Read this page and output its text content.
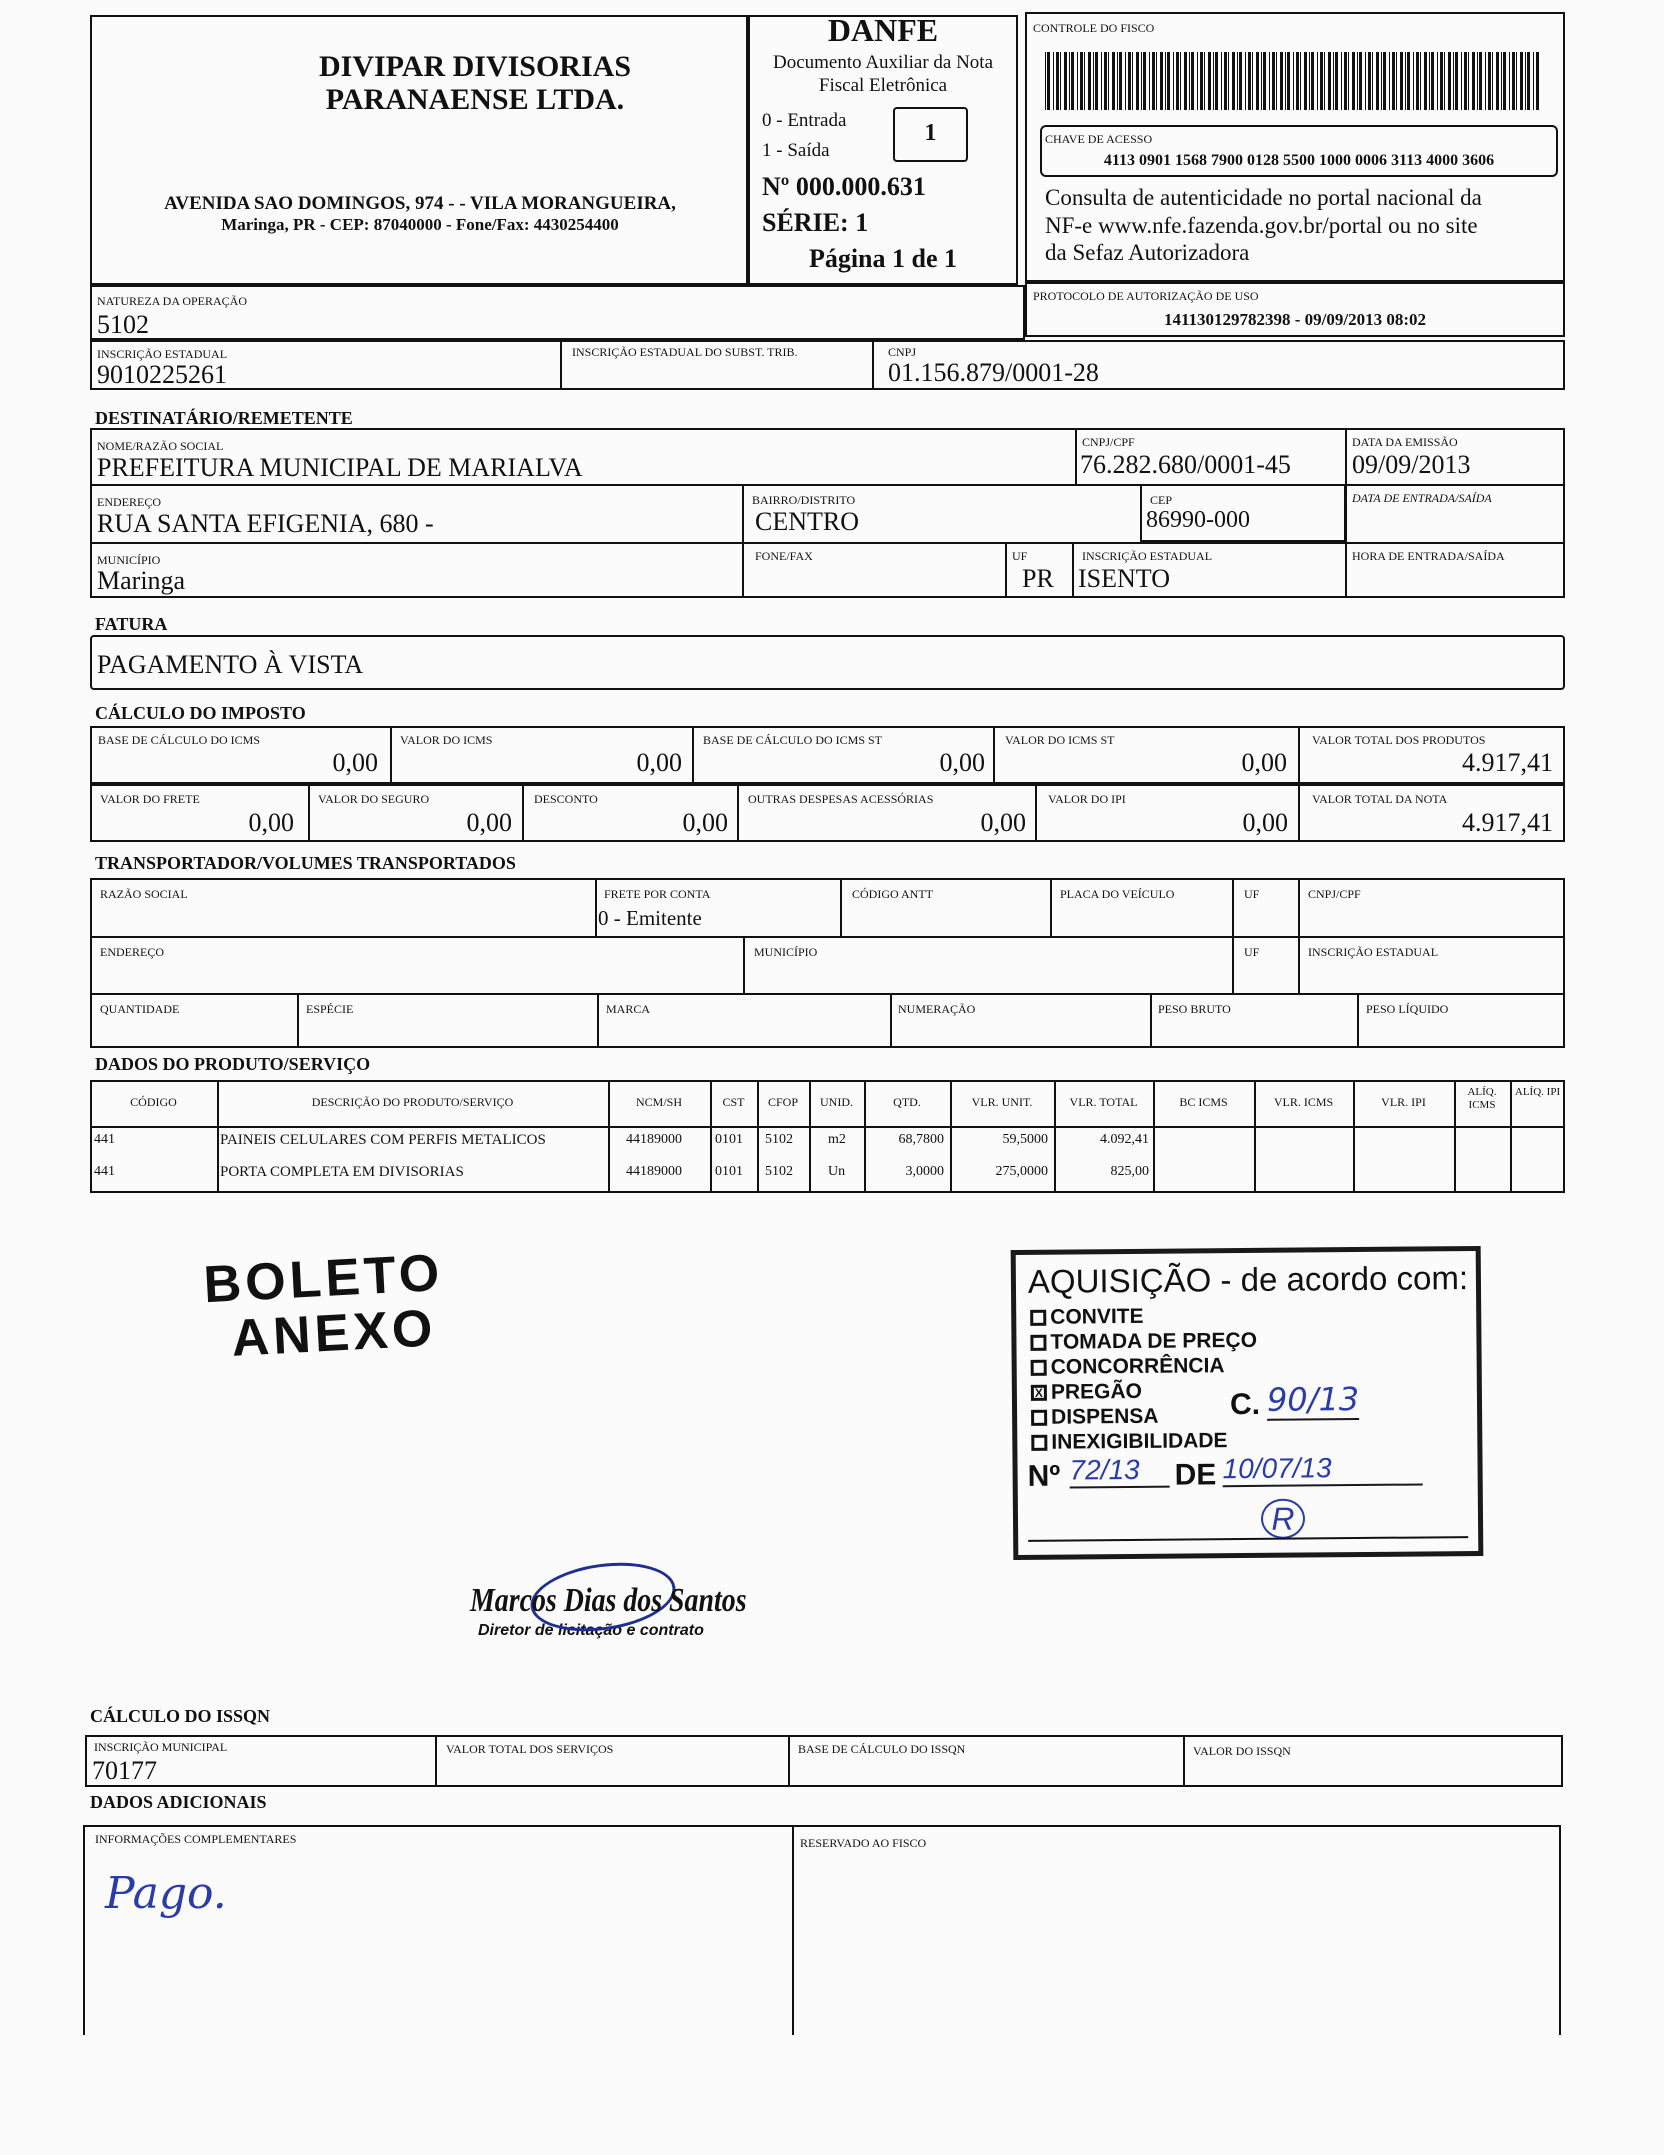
DIVIPAR DIVISORIAS
PARANAENSE LTDA.
AVENIDA SAO DOMINGOS, 974 - - VILA MORANGUEIRA,
Maringa, PR - CEP: 87040000 - Fone/Fax: 4430254400
DANFE
Documento Auxiliar da Nota
Fiscal Eletrônica
0 - Entrada
1 - Saída
1
Nº 000.000.631
SÉRIE: 1
Página 1 de 1
CONTROLE DO FISCO
CHAVE DE ACESSO
4113 0901 1568 7900 0128 5500 1000 0006 3113 4000 3606
Consulta de autenticidade no portal nacional da
NF-e www.nfe.fazenda.gov.br/portal ou no site
da Sefaz Autorizadora
NATUREZA DA OPERAÇÃO
5102
PROTOCOLO DE AUTORIZAÇÃO DE USO
141130129782398 - 09/09/2013 08:02
INSCRIÇÃO ESTADUAL
9010225261
INSCRIÇÃO ESTADUAL DO SUBST. TRIB.	CNPJ
01.156.879/0001-28
DESTINATÁRIO/REMETENTE
NOME/RAZÃO SOCIAL
PREFEITURA MUNICIPAL DE MARIALVA
CNPJ/CPF
76.282.680/0001-45
DATA DA EMISSÃO
09/09/2013
ENDEREÇO
RUA SANTA EFIGENIA, 680 -
BAIRRO/DISTRITO
CENTRO
CEP
86990-000
DATA DE ENTRADA/SAÍDA
MUNICÍPIO
Maringa
FONE/FAX	UF
PR
INSCRIÇÃO ESTADUAL
ISENTO
HORA DE ENTRADA/SAÍDA
FATURA
PAGAMENTO À VISTA
CÁLCULO DO IMPOSTO
BASE DE CÁLCULO DO ICMS
0,00
VALOR DO ICMS
0,00
BASE DE CÁLCULO DO ICMS ST
0,00
VALOR DO ICMS ST
0,00
VALOR TOTAL DOS PRODUTOS
4.917,41
VALOR DO FRETE
0,00
VALOR DO SEGURO
0,00
DESCONTO
0,00
OUTRAS DESPESAS ACESSÓRIAS
0,00
VALOR DO IPI
0,00
VALOR TOTAL DA NOTA
4.917,41
TRANSPORTADOR/VOLUMES TRANSPORTADOS
RAZÃO SOCIAL	FRETE POR CONTA
0 - Emitente
CÓDIGO ANTT	PLACA DO VEÍCULO	UF	CNPJ/CPF
ENDEREÇO	MUNICÍPIO	UF	INSCRIÇÃO ESTADUAL
QUANTIDADE	ESPÉCIE	MARCA	NUMERAÇÃO	PESO BRUTO	PESO LÍQUIDO
DADOS DO PRODUTO/SERVIÇO
CÓDIGO	DESCRIÇÃO DO PRODUTO/SERVIÇO	NCM/SH	CST	CFOP	UNID.	QTD.	VLR. UNIT.	VLR. TOTAL	BC ICMS	VLR. ICMS	VLR. IPI
ALÍQ. ICMS
ALÍQ. IPI
441	PAINEIS CELULARES COM PERFIS METALICOS	44189000 0101 5102	m2	68,7800	59,5000	4.092,41
441	PORTA COMPLETA EM DIVISORIAS	44189000 0101 5102	Un	3,0000	275,0000	825,00
BOLETO
ANEXO
AQUISIÇÃO - de acordo com:
CONVITE
TOMADA DE PREÇO
CONCORRÊNCIA
X PREGÃO
DISPENSA
INEXIGIBILIDADE
C. 90/13
Nº 72/13	DE 10/07/13
R
Marcos Dias dos Santos
Diretor de licitação e contrato
CÁLCULO DO ISSQN
INSCRIÇÃO MUNICIPAL
70177
VALOR TOTAL DOS SERVIÇOS	BASE DE CÁLCULO DO ISSQN	VALOR DO ISSQN
DADOS ADICIONAIS
INFORMAÇÕES COMPLEMENTARES
Pago.
RESERVADO AO FISCO
